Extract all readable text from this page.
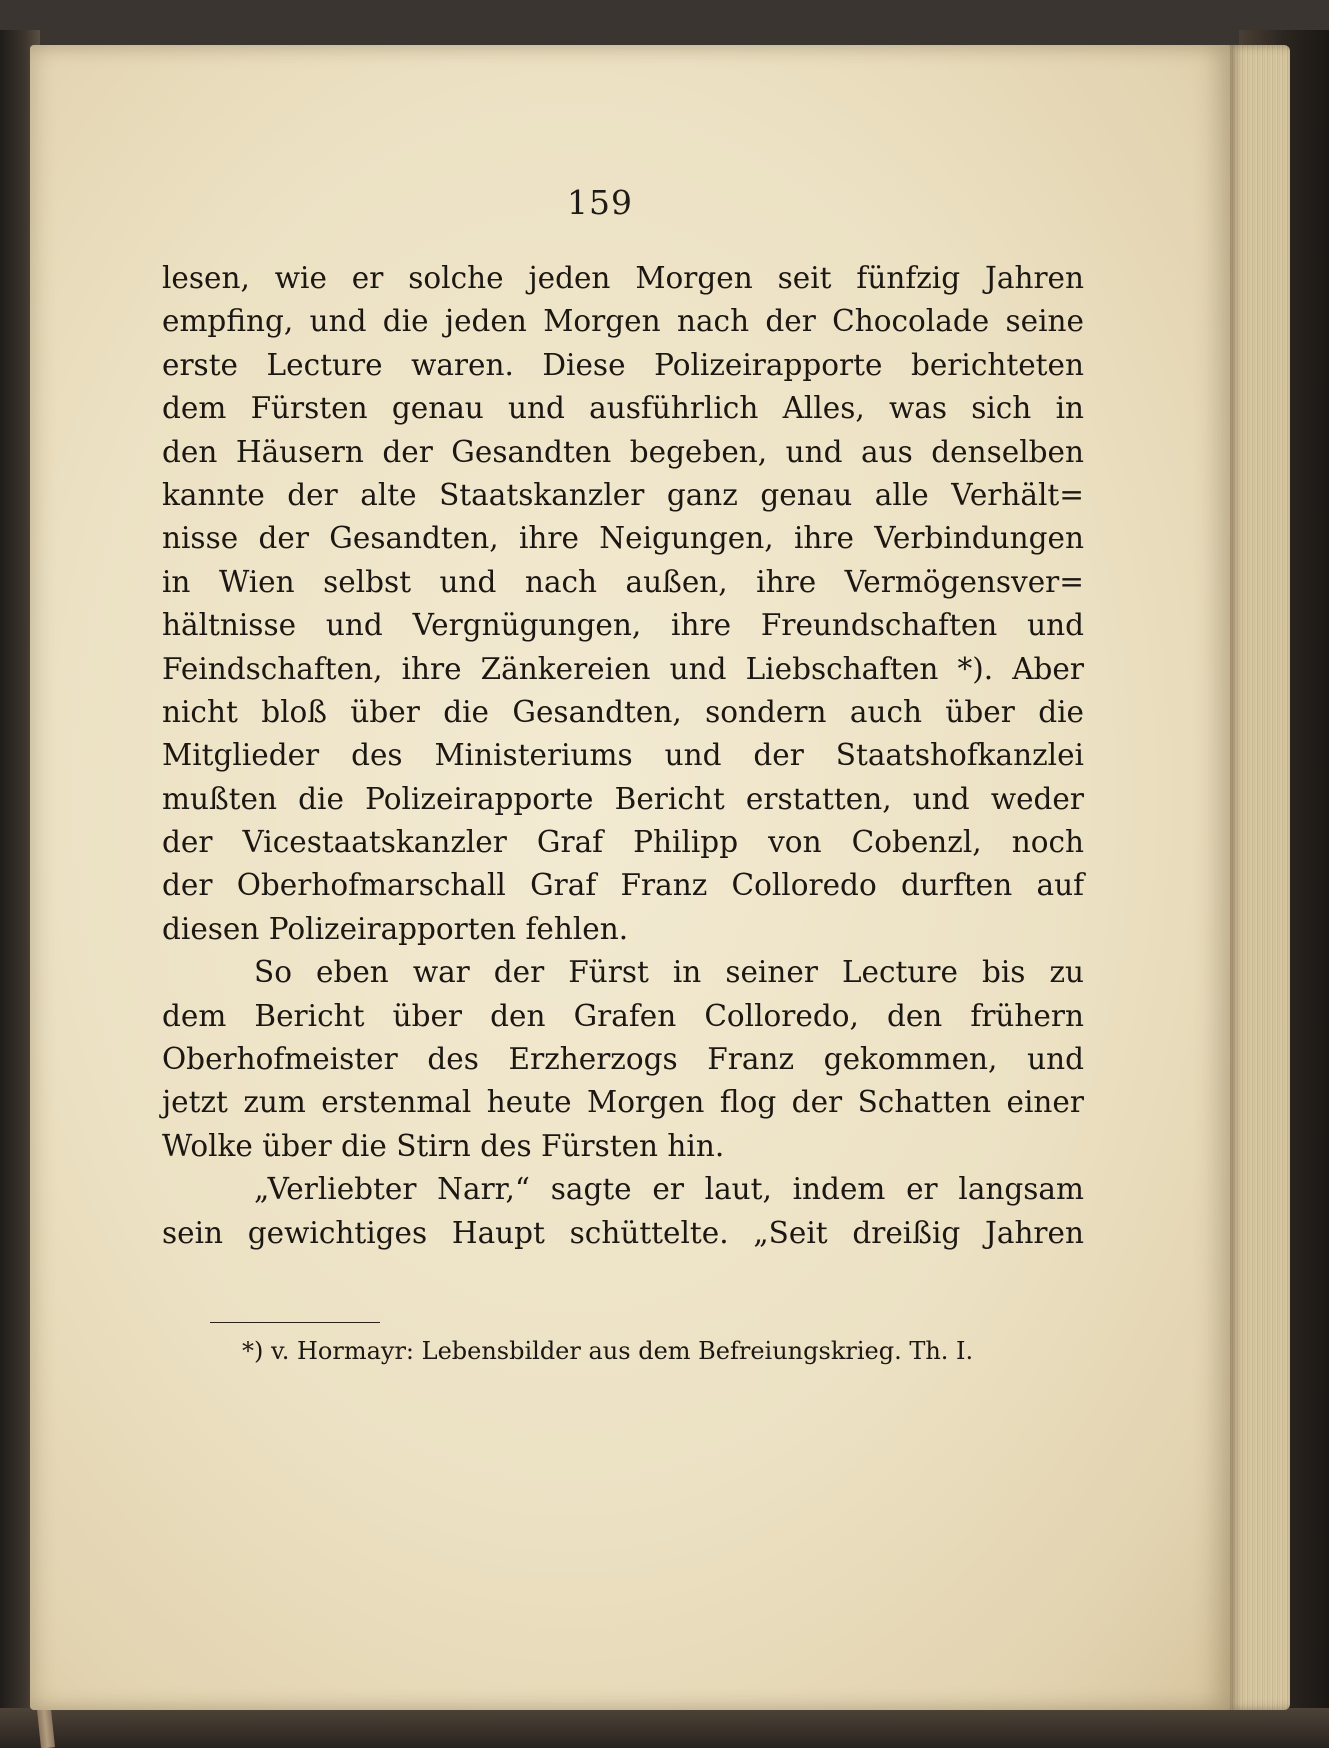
159
lesen, wie er solche jeden Morgen seit fünfzig Jahren
empfing, und die jeden Morgen nach der Chocolade seine
erste Lecture waren. Diese Polizeirapporte berichteten
dem Fürsten genau und ausführlich Alles, was sich in
den Häusern der Gesandten begeben, und aus denselben
kannte der alte Staatskanzler ganz genau alle Verhält=
nisse der Gesandten, ihre Neigungen, ihre Verbindungen
in Wien selbst und nach außen, ihre Vermögensver=
hältnisse und Vergnügungen, ihre Freundschaften und
Feindschaften, ihre Zänkereien und Liebschaften *). Aber
nicht bloß über die Gesandten, sondern auch über die
Mitglieder des Ministeriums und der Staatshofkanzlei
mußten die Polizeirapporte Bericht erstatten, und weder
der Vicestaatskanzler Graf Philipp von Cobenzl, noch
der Oberhofmarschall Graf Franz Colloredo durften auf
diesen Polizeirapporten fehlen.
So eben war der Fürst in seiner Lecture bis zu
dem Bericht über den Grafen Colloredo, den frühern
Oberhofmeister des Erzherzogs Franz gekommen, und
jetzt zum erstenmal heute Morgen flog der Schatten einer
Wolke über die Stirn des Fürsten hin.
„Verliebter Narr,“ sagte er laut, indem er langsam
sein gewichtiges Haupt schüttelte. „Seit dreißig Jahren
*) v. Hormayr: Lebensbilder aus dem Befreiungskrieg. Th. I.
